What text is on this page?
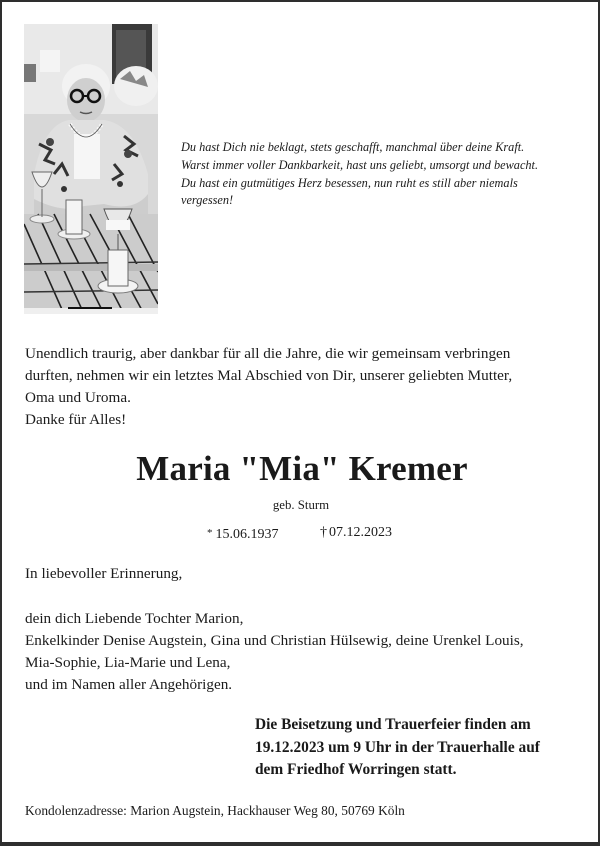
Du hast Dich nie beklagt, stets geschafft, manchmal über deine Kraft.
Warst immer voller Dankbarkeit, hast uns geliebt, umsorgt und bewacht.
Du hast ein gutmütiges Herz besessen, nun ruht es still aber niemals
vergessen!
Unendlich traurig, aber dankbar für all die Jahre, die wir gemeinsam verbringen
durften, nehmen wir ein letztes Mal Abschied von Dir, unserer geliebten Mutter,
Oma und Uroma.
Danke für Alles!
Maria "Mia" Kremer
geb. Sturm
* 15.06.1937	† 07.12.2023
In liebevoller Erinnerung,
dein dich Liebende Tochter Marion,
Enkelkinder Denise Augstein, Gina und Christian Hülsewig, deine Urenkel Louis,
Mia-Sophie, Lia-Marie und Lena,
und im Namen aller Angehörigen.
Die Beisetzung und Trauerfeier finden am
19.12.2023 um 9 Uhr in der Trauerhalle auf
dem Friedhof Worringen statt.
Kondolenzadresse: Marion Augstein, Hackhauser Weg 80, 50769 Köln
